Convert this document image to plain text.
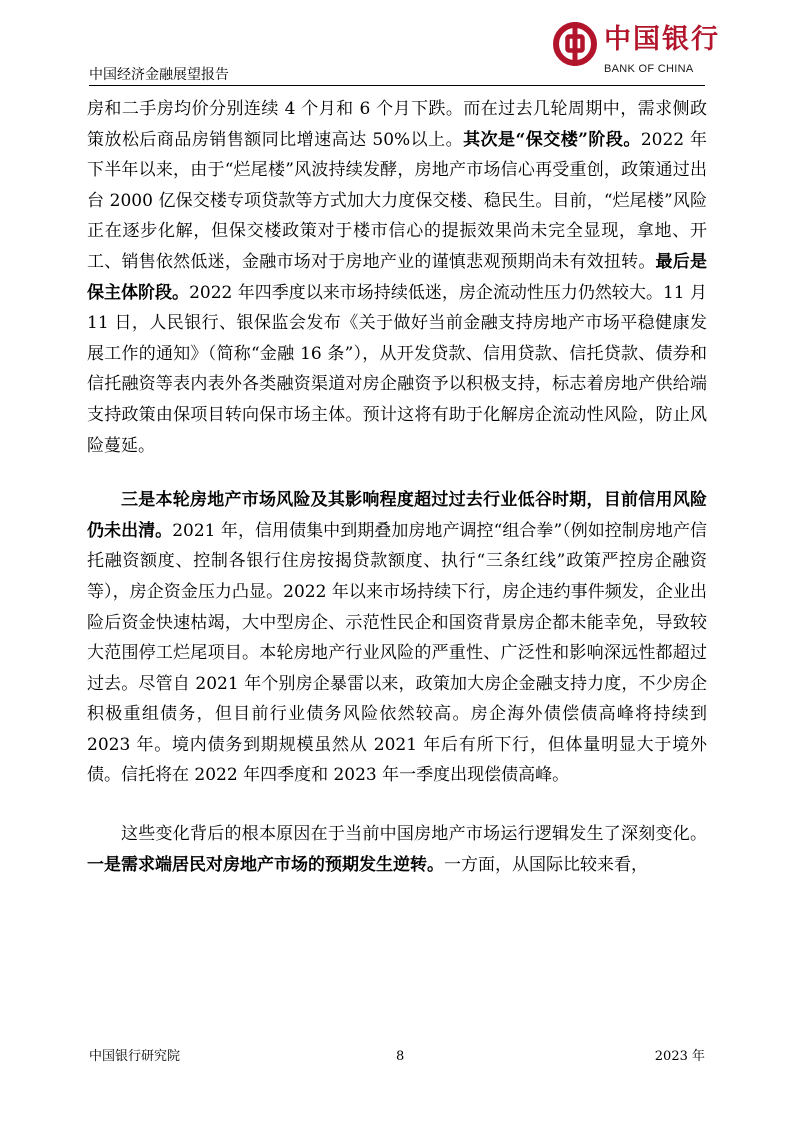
中国经济金融展望报告
中国银行
BANK OF CHINA

房和二手房均价分别连续 4 个月和 6 个月下跌。而在过去几轮周期中，需求侧政策放松后商品房销售额同比增速高达 50%以上。其次是“保交楼”阶段。2022 年下半年以来，由于“烂尾楼”风波持续发酵，房地产市场信心再受重创，政策通过出台 2000 亿保交楼专项贷款等方式加大力度保交楼、稳民生。目前，“烂尾楼”风险正在逐步化解，但保交楼政策对于楼市信心的提振效果尚未完全显现，拿地、开工、销售依然低迷，金融市场对于房地产业的谨慎悲观预期尚未有效扭转。最后是保主体阶段。2022 年四季度以来市场持续低迷，房企流动性压力仍然较大。11 月 11 日，人民银行、银保监会发布《关于做好当前金融支持房地产市场平稳健康发展工作的通知》（简称“金融 16 条”），从开发贷款、信用贷款、信托贷款、债券和信托融资等表内表外各类融资渠道对房企融资予以积极支持，标志着房地产供给端支持政策由保项目转向保市场主体。预计这将有助于化解房企流动性风险，防止风险蔓延。

三是本轮房地产市场风险及其影响程度超过过去行业低谷时期，目前信用风险仍未出清。2021 年，信用债集中到期叠加房地产调控“组合拳”（例如控制房地产信托融资额度、控制各银行住房按揭贷款额度、执行“三条红线”政策严控房企融资等），房企资金压力凸显。2022 年以来市场持续下行，房企违约事件频发，企业出险后资金快速枯竭，大中型房企、示范性民企和国资背景房企都未能幸免，导致较大范围停工烂尾项目。本轮房地产行业风险的严重性、广泛性和影响深远性都超过过去。尽管自 2021 年个别房企暴雷以来，政策加大房企金融支持力度，不少房企积极重组债务，但目前行业债务风险依然较高。房企海外债偿债高峰将持续到 2023 年。境内债务到期规模虽然从 2021 年后有所下行，但体量明显大于境外债。信托将在 2022 年四季度和 2023 年一季度出现偿债高峰。

这些变化背后的根本原因在于当前中国房地产市场运行逻辑发生了深刻变化。一是需求端居民对房地产市场的预期发生逆转。一方面，从国际比较来看，

中国银行研究院	8	2023 年
